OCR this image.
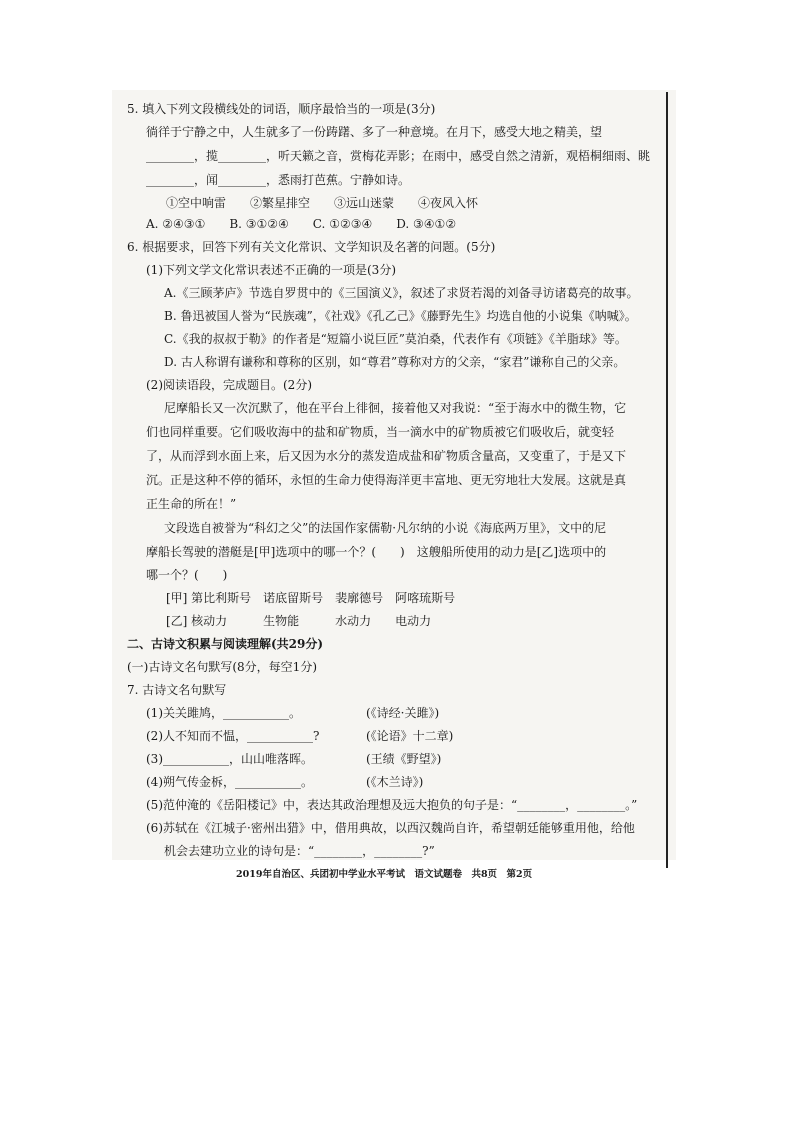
5. 填入下列文段横线处的词语，顺序最恰当的一项是(3分)
徜徉于宁静之中，人生就多了一份踌躇、多了一种意境。在月下，感受大地之精美，望
________，揽________，听天籁之音，赏梅花弄影；在雨中，感受自然之清新，观梧桐细雨、眺
________，闻________，悉雨打芭蕉。宁静如诗。
①空中响雷　　②繁星排空　　③远山迷蒙　　④夜风入怀
A. ②④③①　　B. ③①②④　　C. ①②③④　　D. ③④①②
6. 根据要求，回答下列有关文化常识、文学知识及名著的问题。(5分)
(1)下列文学文化常识表述不正确的一项是(3分)
A.《三顾茅庐》节选自罗贯中的《三国演义》，叙述了求贤若渴的刘备寻访诸葛亮的故事。
B. 鲁迅被国人誉为“民族魂”，《社戏》《孔乙己》《藤野先生》均选自他的小说集《呐喊》。
C.《我的叔叔于勒》的作者是“短篇小说巨匠”莫泊桑，代表作有《项链》《羊脂球》等。
D. 古人称谓有谦称和尊称的区别，如“尊君”尊称对方的父亲，“家君”谦称自己的父亲。
(2)阅读语段，完成题目。(2分)
尼摩船长又一次沉默了，他在平台上徘徊，接着他又对我说：“至于海水中的微生物，它
们也同样重要。它们吸收海中的盐和矿物质，当一滴水中的矿物质被它们吸收后，就变轻
了，从而浮到水面上来，后又因为水分的蒸发造成盐和矿物质含量高，又变重了，于是又下
沉。正是这种不停的循环，永恒的生命力使得海洋更丰富地、更无穷地壮大发展。这就是真
正生命的所在！”
文段选自被誉为“科幻之父”的法国作家儒勒·凡尔纳的小说《海底两万里》，文中的尼
摩船长驾驶的潜艇是[甲]选项中的哪一个？(　　)　这艘船所使用的动力是[乙]选项中的
哪一个？(　　)
[甲] 第比利斯号　诺底留斯号　裴廓德号　阿喀琉斯号
[乙] 核动力　　　生物能　　　水动力　　电动力
二、古诗文积累与阅读理解(共29分)
(一)古诗文名句默写(8分，每空1分)
7. 古诗文名句默写
(1)关关雎鸠，___________。	(《诗经·关雎》)
(2)人不知而不愠，___________?	(《论语》十二章)
(3)___________，山山唯落晖。	(王绩《野望》)
(4)朔气传金柝，___________。	(《木兰诗》)
(5)范仲淹的《岳阳楼记》中，表达其政治理想及远大抱负的句子是：“________，________。”
(6)苏轼在《江城子·密州出猎》中，借用典故，以西汉魏尚自许，希望朝廷能够重用他，给他
机会去建功立业的诗句是：“________，________?”
2019年自治区、兵团初中学业水平考试　语文试题卷　共8页　第2页
